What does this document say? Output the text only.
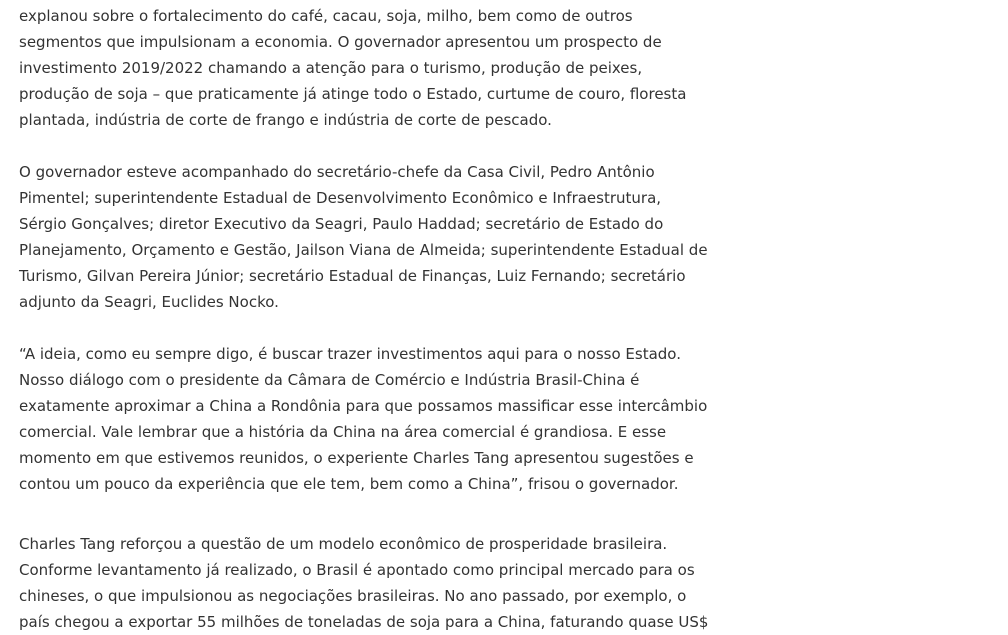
explanou sobre o fortalecimento do café, cacau, soja, milho, bem como de outros
segmentos que impulsionam a economia. O governador apresentou um prospecto de
investimento 2019/2022 chamando a atenção para o turismo, produção de peixes,
produção de soja – que praticamente já atinge todo o Estado, curtume de couro, floresta
plantada, indústria de corte de frango e indústria de corte de pescado.

O governador esteve acompanhado do secretário-chefe da Casa Civil, Pedro Antônio
Pimentel; superintendente Estadual de Desenvolvimento Econômico e Infraestrutura,
Sérgio Gonçalves; diretor Executivo da Seagri, Paulo Haddad; secretário de Estado do
Planejamento, Orçamento e Gestão, Jailson Viana de Almeida; superintendente Estadual de
Turismo, Gilvan Pereira Júnior; secretário Estadual de Finanças, Luiz Fernando; secretário
adjunto da Seagri, Euclides Nocko.

“A ideia, como eu sempre digo, é buscar trazer investimentos aqui para o nosso Estado.
Nosso diálogo com o presidente da Câmara de Comércio e Indústria Brasil-China é
exatamente aproximar a China a Rondônia para que possamos massificar esse intercâmbio
comercial. Vale lembrar que a história da China na área comercial é grandiosa. E esse
momento em que estivemos reunidos, o experiente Charles Tang apresentou sugestões e
contou um pouco da experiência que ele tem, bem como a China”, frisou o governador.

Charles Tang reforçou a questão de um modelo econômico de prosperidade brasileira.
Conforme levantamento já realizado, o Brasil é apontado como principal mercado para os
chineses, o que impulsionou as negociações brasileiras. No ano passado, por exemplo, o
país chegou a exportar 55 milhões de toneladas de soja para a China, faturando quase US$
